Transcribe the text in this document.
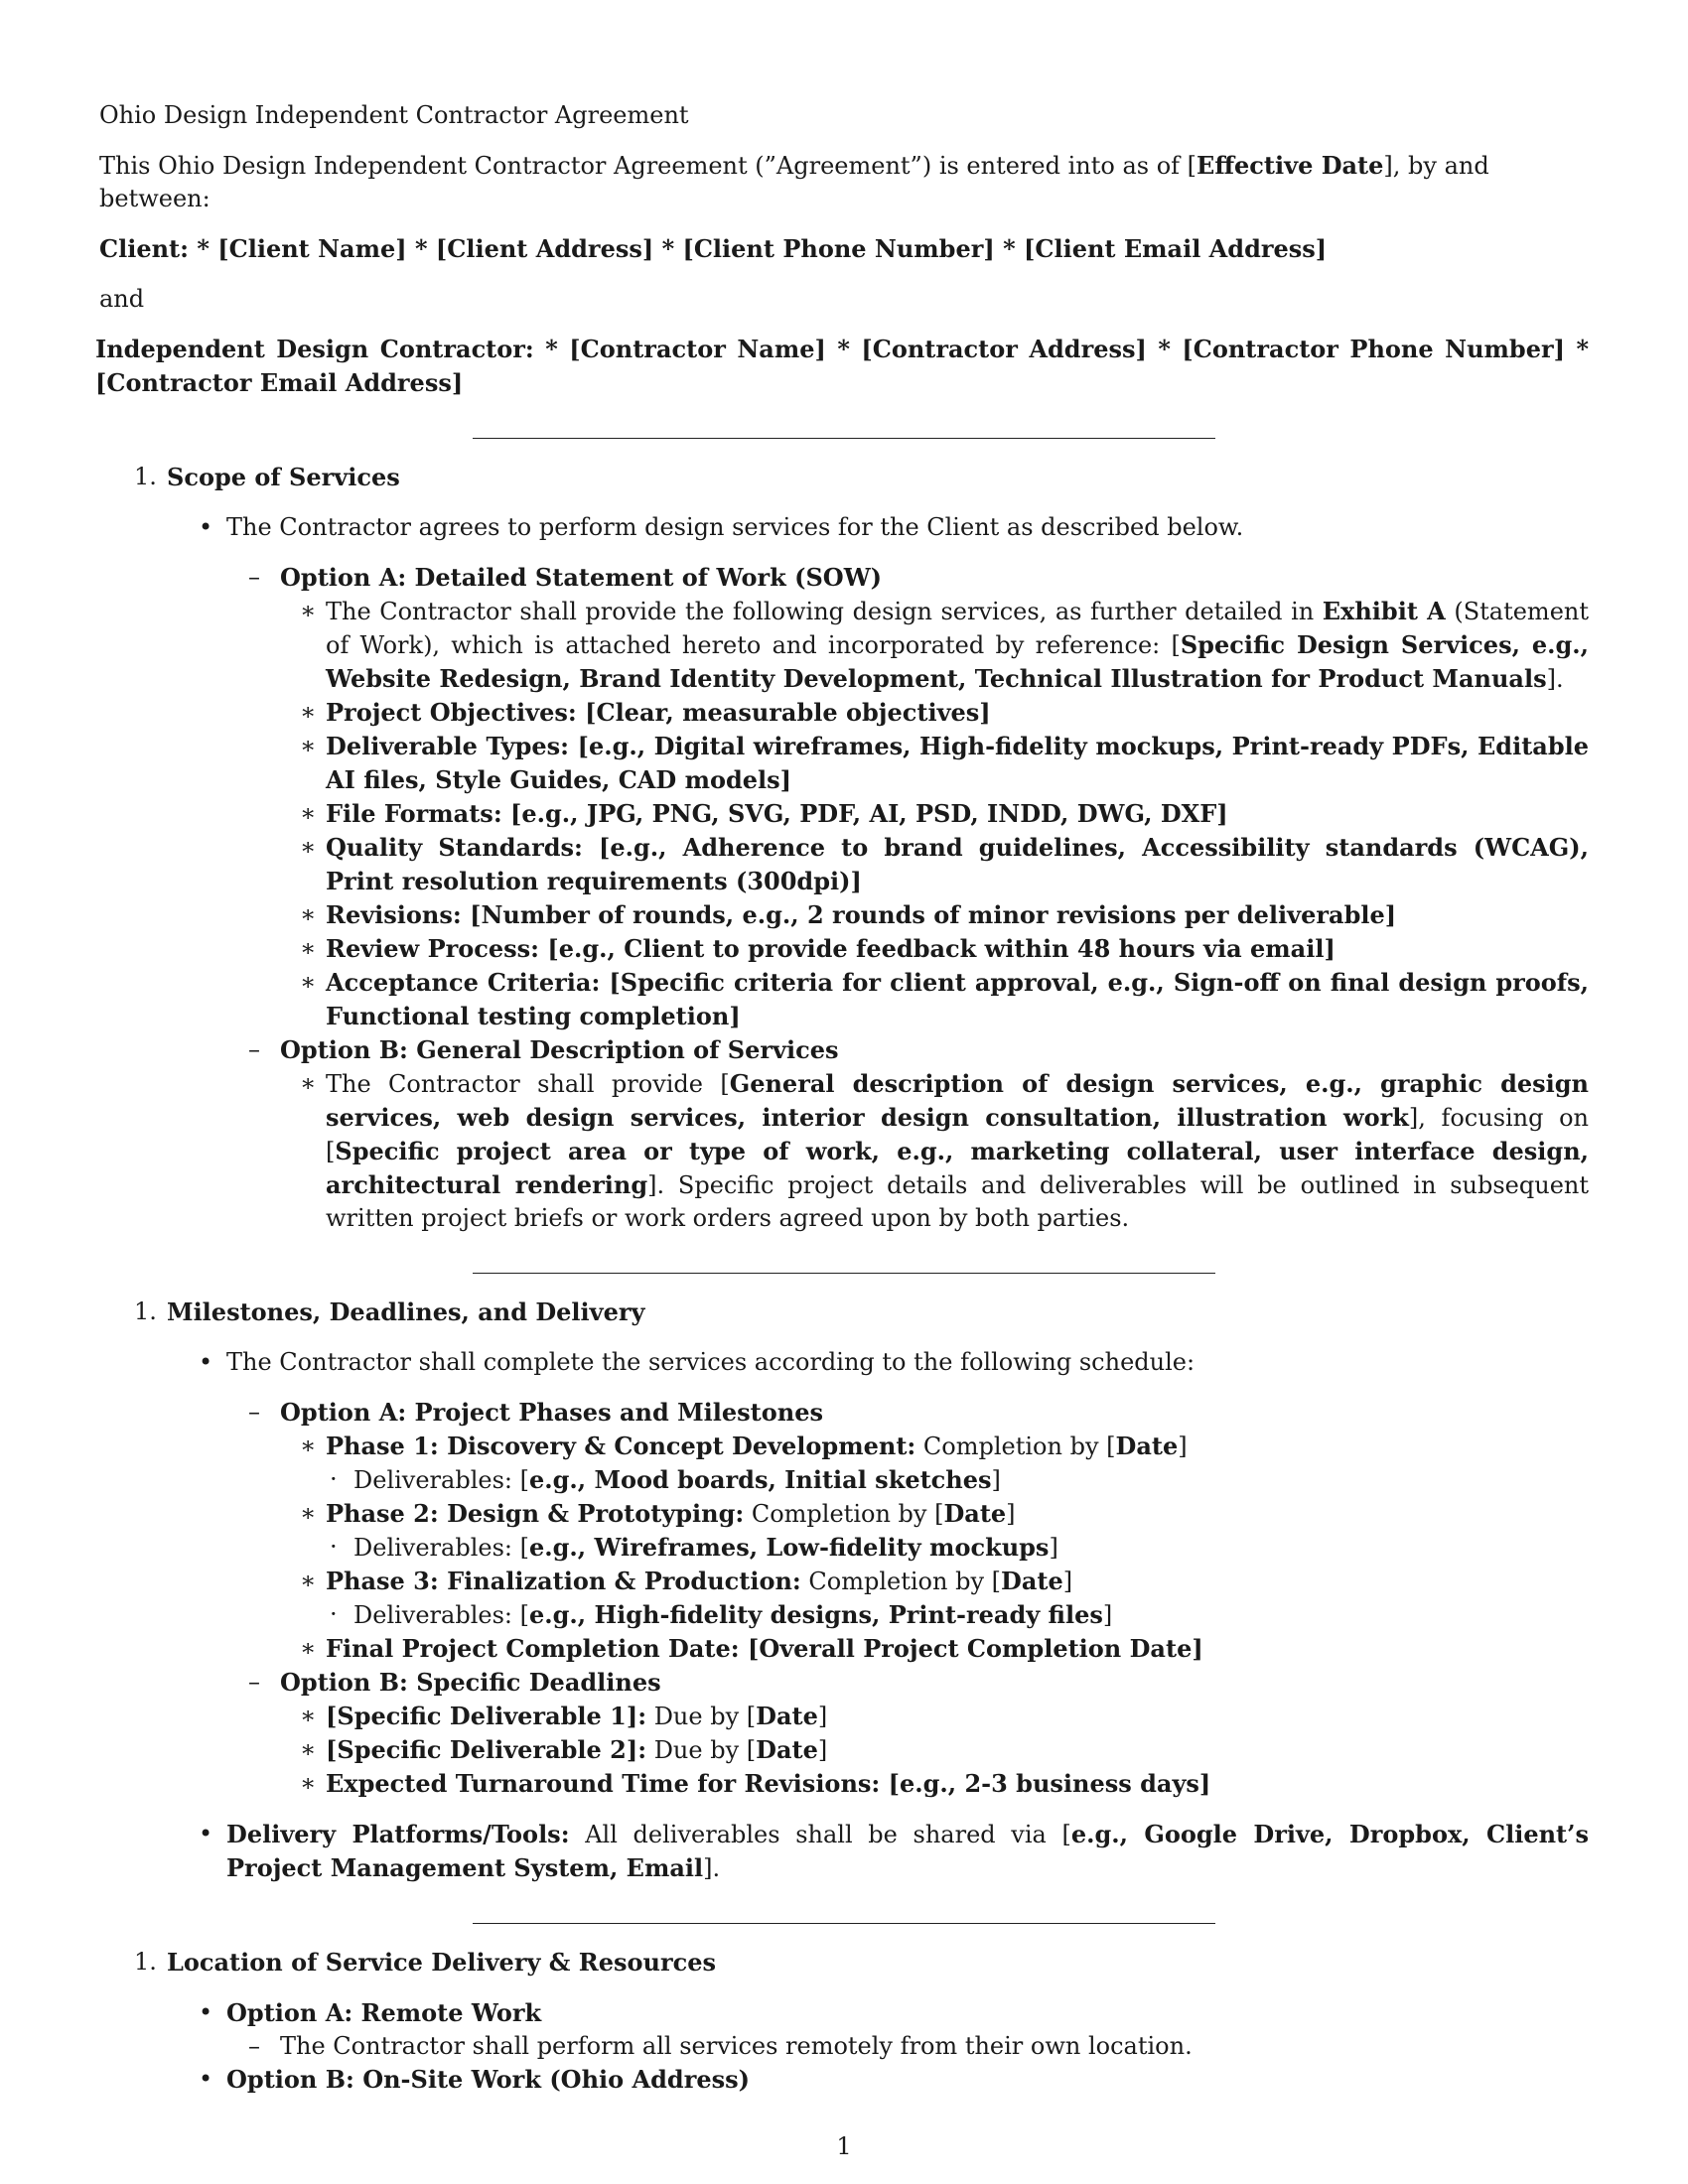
Ohio Design Independent Contractor Agreement

This Ohio Design Independent Contractor Agreement (”Agreement”) is entered into as of [Effective Date], by and between:

Client: * [Client Name] * [Client Address] * [Client Phone Number] * [Client Email Address]

and

Independent Design Contractor: * [Contractor Name] * [Contractor Address] * [Contractor Phone Number] * [Contractor Email Address]

1. Scope of Services

• The Contractor agrees to perform design services for the Client as described below.

– Option A: Detailed Statement of Work (SOW)

∗ The Contractor shall provide the following design services, as further detailed in Exhibit A (Statement of Work), which is attached hereto and incorporated by reference: [Specific Design Services, e.g., Website Redesign, Brand Identity Development, Technical Illustration for Product Manuals].

∗ Project Objectives: [Clear, measurable objectives]

∗ Deliverable Types: [e.g., Digital wireframes, High-fidelity mockups, Print-ready PDFs, Editable AI files, Style Guides, CAD models]

∗ File Formats: [e.g., JPG, PNG, SVG, PDF, AI, PSD, INDD, DWG, DXF]

∗ Quality Standards: [e.g., Adherence to brand guidelines, Accessibility standards (WCAG), Print resolution requirements (300dpi)]

∗ Revisions: [Number of rounds, e.g., 2 rounds of minor revisions per deliverable]

∗ Review Process: [e.g., Client to provide feedback within 48 hours via email]

∗ Acceptance Criteria: [Specific criteria for client approval, e.g., Sign-off on final design proofs, Functional testing completion]

– Option B: General Description of Services

∗ The Contractor shall provide [General description of design services, e.g., graphic design services, web design services, interior design consultation, illustration work], focusing on [Specific project area or type of work, e.g., marketing collateral, user interface design, architectural rendering]. Specific project details and deliverables will be outlined in subsequent written project briefs or work orders agreed upon by both parties.

1. Milestones, Deadlines, and Delivery

• The Contractor shall complete the services according to the following schedule:

– Option A: Project Phases and Milestones

∗ Phase 1: Discovery & Concept Development: Completion by [Date]

· Deliverables: [e.g., Mood boards, Initial sketches]

∗ Phase 2: Design & Prototyping: Completion by [Date]

· Deliverables: [e.g., Wireframes, Low-fidelity mockups]

∗ Phase 3: Finalization & Production: Completion by [Date]

· Deliverables: [e.g., High-fidelity designs, Print-ready files]

∗ Final Project Completion Date: [Overall Project Completion Date]

– Option B: Specific Deadlines

∗ [Specific Deliverable 1]: Due by [Date]

∗ [Specific Deliverable 2]: Due by [Date]

∗ Expected Turnaround Time for Revisions: [e.g., 2-3 business days]

• Delivery Platforms/Tools: All deliverables shall be shared via [e.g., Google Drive, Dropbox, Client’s Project Management System, Email].

1. Location of Service Delivery & Resources

• Option A: Remote Work

– The Contractor shall perform all services remotely from their own location.

• Option B: On-Site Work (Ohio Address)

1
